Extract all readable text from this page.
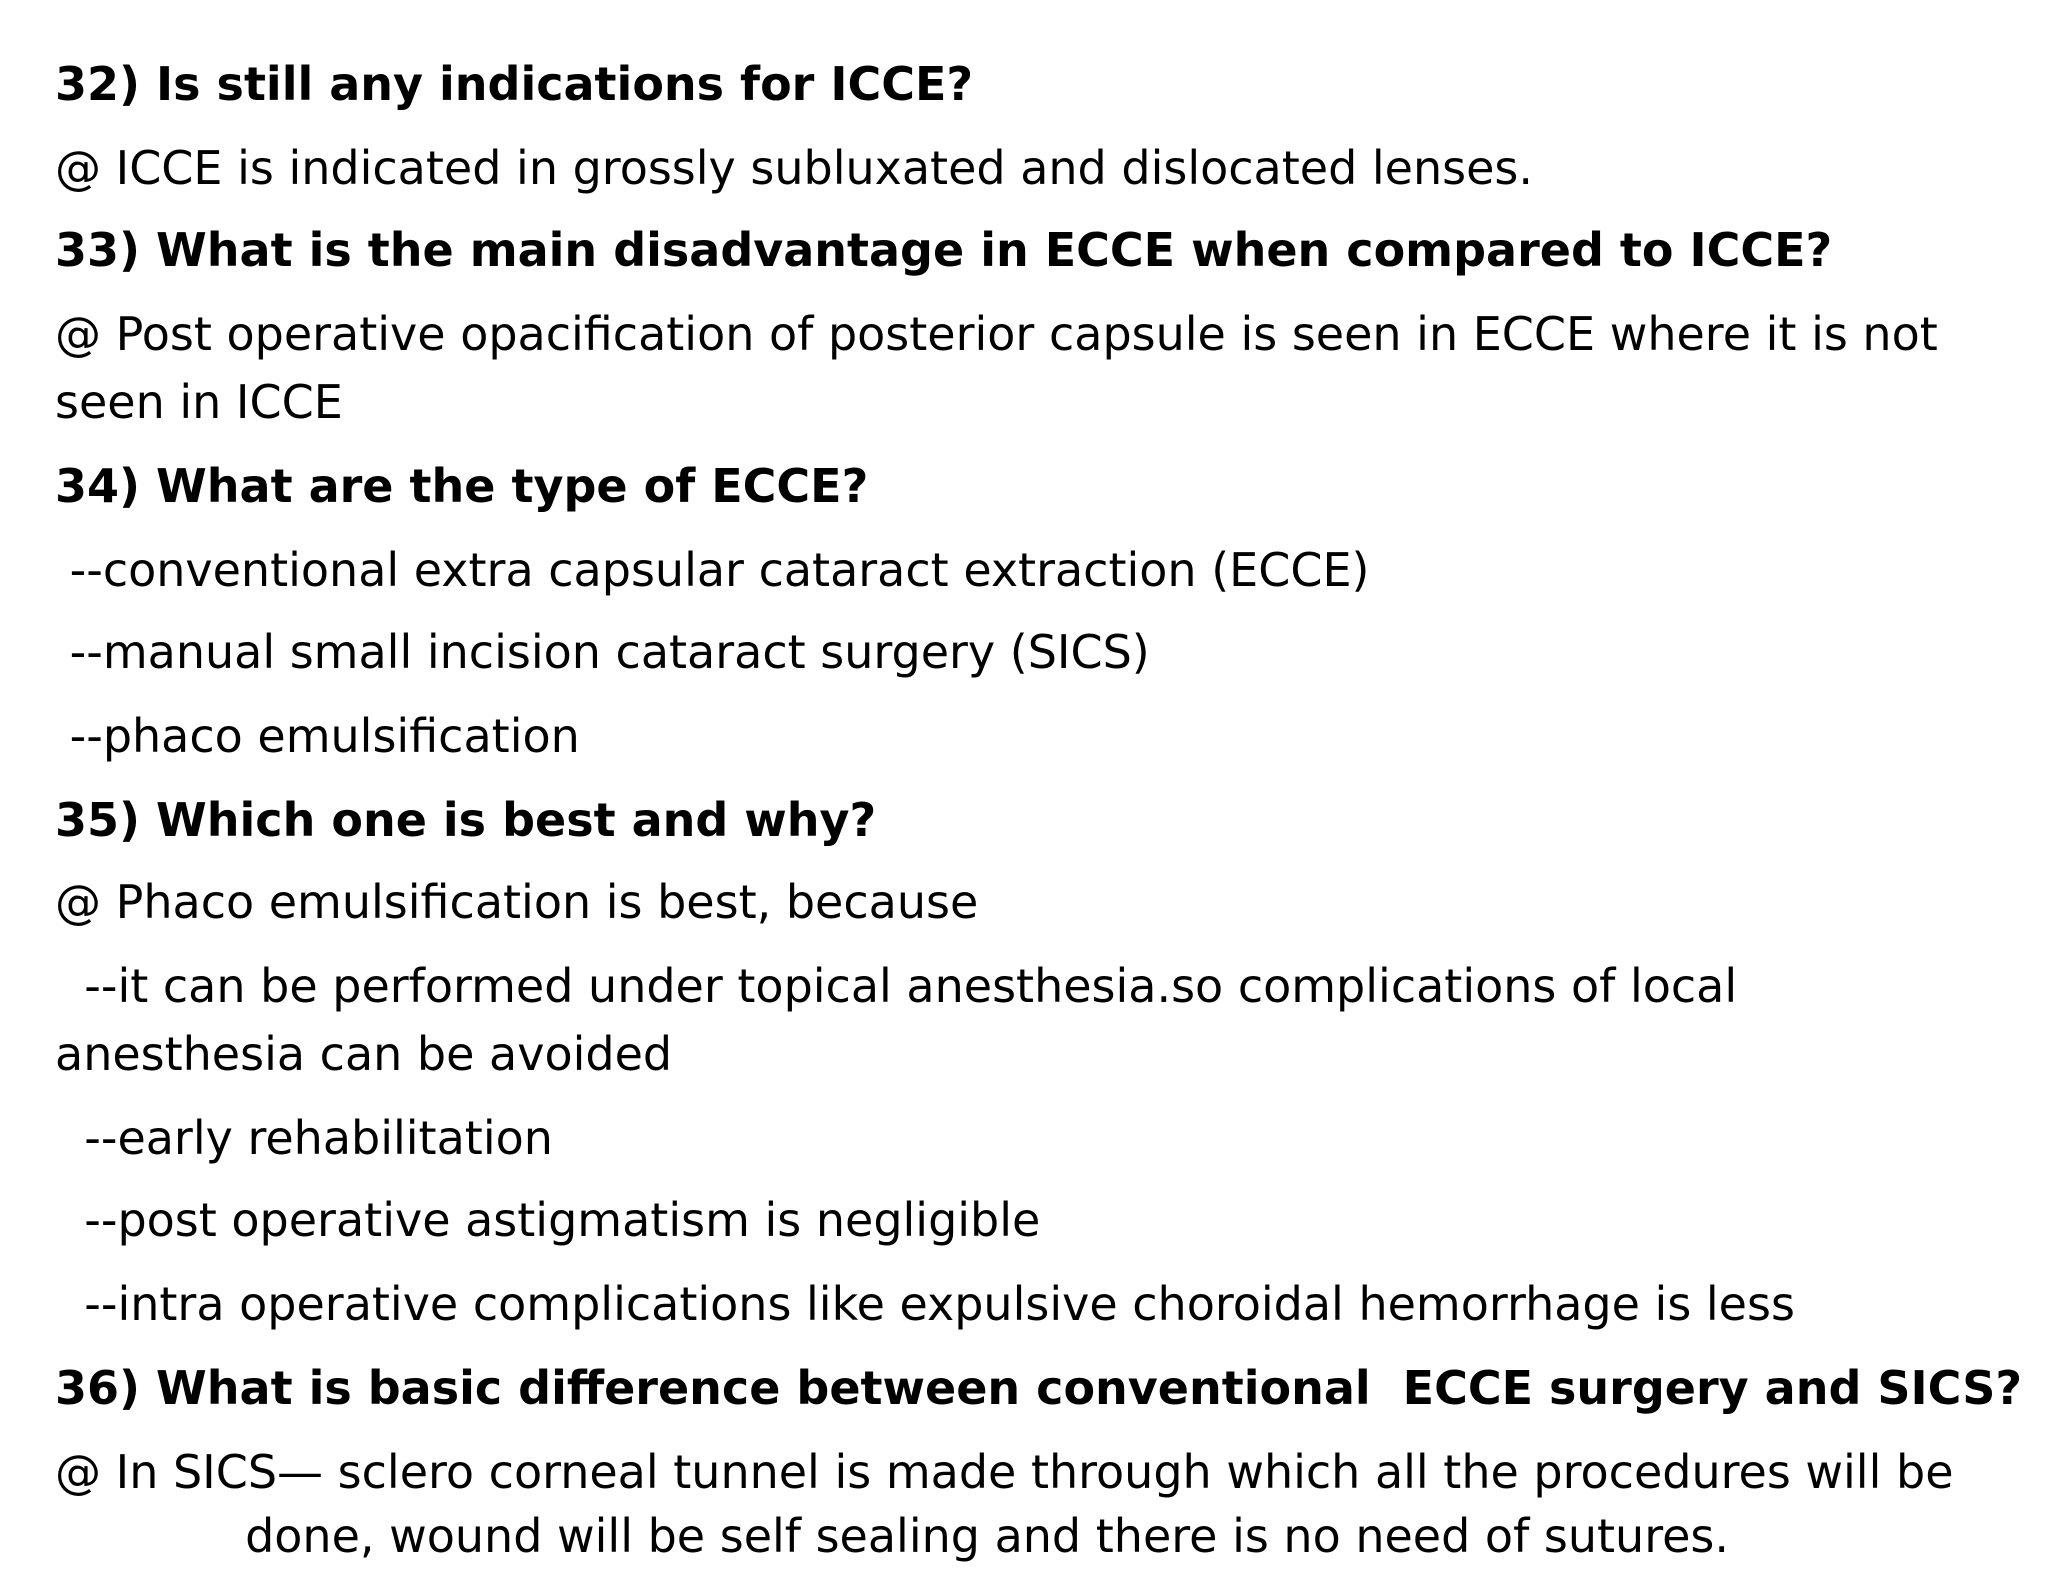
32) Is still any indications for ICCE?

@ ICCE is indicated in grossly subluxated and dislocated lenses.

33) What is the main disadvantage in ECCE when compared to ICCE?

@ Post operative opacification of posterior capsule is seen in ECCE where it is not

seen in ICCE

34) What are the type of ECCE?

--conventional extra capsular cataract extraction (ECCE)

--manual small incision cataract surgery (SICS)

--phaco emulsification

35) Which one is best and why?

@ Phaco emulsification is best, because

--it can be performed under topical anesthesia.so complications of local

anesthesia can be avoided

--early rehabilitation

--post operative astigmatism is negligible

--intra operative complications like expulsive choroidal hemorrhage is less

36) What is basic difference between conventional  ECCE surgery and SICS?

@ In SICS— sclero corneal tunnel is made through which all the procedures will be

done, wound will be self sealing and there is no need of sutures.
